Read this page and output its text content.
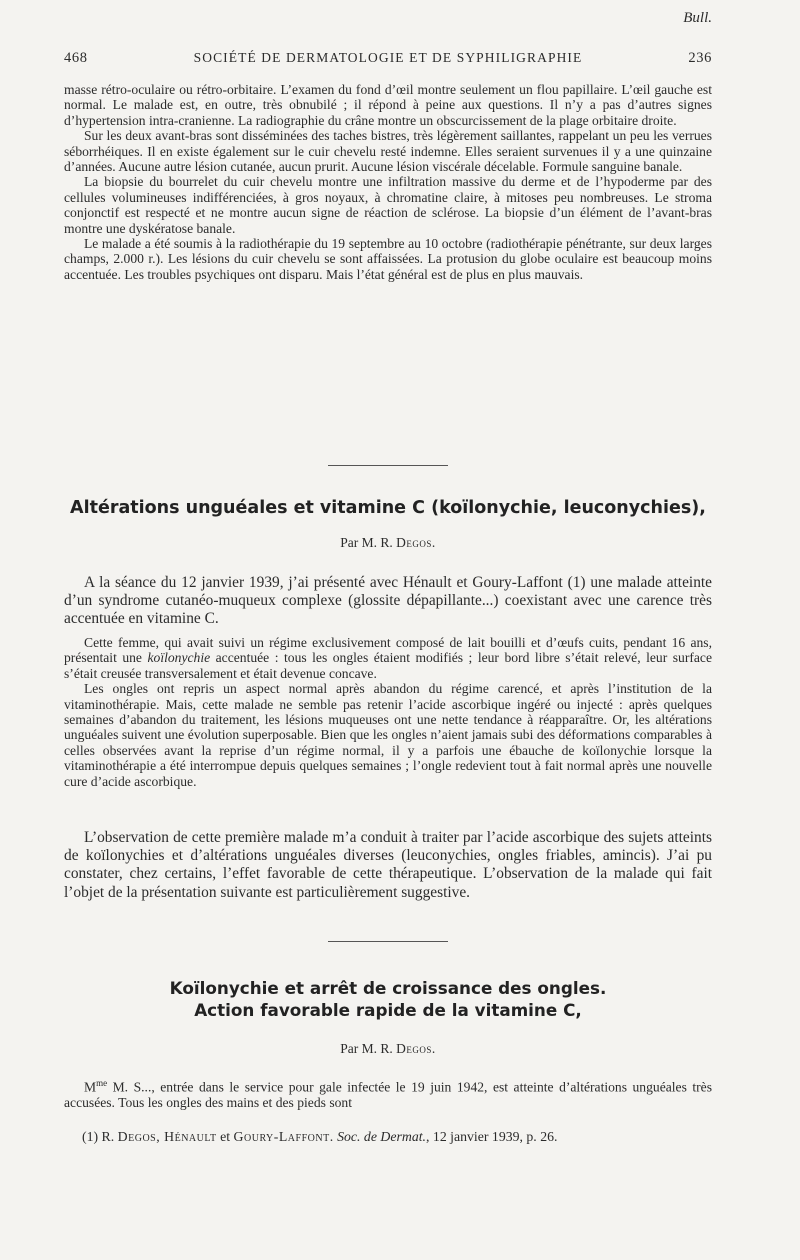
Bull.
468	SOCIÉTÉ DE DERMATOLOGIE ET DE SYPHILIGRAPHIE	236

masse rétro-oculaire ou rétro-orbitaire. L’examen du fond d’œil montre seulement un flou papillaire. L’œil gauche est normal. Le malade est, en outre, très obnubilé ; il répond à peine aux questions. Il n’y a pas d’autres signes d’hypertension intra-cranienne. La radiographie du crâne montre un obscurcissement de la plage orbitaire droite.

Sur les deux avant-bras sont disséminées des taches bistres, très légèrement saillantes, rappelant un peu les verrues séborrhéiques. Il en existe également sur le cuir chevelu resté indemne. Elles seraient survenues il y a une quinzaine d’années. Aucune autre lésion cutanée, aucun prurit. Aucune lésion viscérale décelable. Formule sanguine banale.

La biopsie du bourrelet du cuir chevelu montre une infiltration massive du derme et de l’hypoderme par des cellules volumineuses indifférenciées, à gros noyaux, à chromatine claire, à mitoses peu nombreuses. Le stroma conjonctif est respecté et ne montre aucun signe de réaction de sclérose. La biopsie d’un élément de l’avant-bras montre une dyskératose banale.

Le malade a été soumis à la radiothérapie du 19 septembre au 10 octobre (radiothérapie pénétrante, sur deux larges champs, 2.000 r.). Les lésions du cuir chevelu se sont affaissées. La protusion du globe oculaire est beaucoup moins accentuée. Les troubles psychiques ont disparu. Mais l’état général est de plus en plus mauvais.

Altérations unguéales et vitamine C (koïlonychie, leuconychies),
Par M. R. Degos.

A la séance du 12 janvier 1939, j’ai présenté avec Hénault et Goury-Laffont (1) une malade atteinte d’un syndrome cutanéo-muqueux complexe (glossite dépapillante...) coexistant avec une carence très accentuée en vitamine C.

Cette femme, qui avait suivi un régime exclusivement composé de lait bouilli et d’œufs cuits, pendant 16 ans, présentait une koïlonychie accentuée : tous les ongles étaient modifiés ; leur bord libre s’était relevé, leur surface s’était creusée transversalement et était devenue concave.

Les ongles ont repris un aspect normal après abandon du régime carencé, et après l’institution de la vitaminothérapie. Mais, cette malade ne semble pas retenir l’acide ascorbique ingéré ou injecté : après quelques semaines d’abandon du traitement, les lésions muqueuses ont une nette tendance à réapparaître. Or, les altérations unguéales suivent une évolution superposable. Bien que les ongles n’aient jamais subi des déformations comparables à celles observées avant la reprise d’un régime normal, il y a parfois une ébauche de koïlonychie lorsque la vitaminothérapie a été interrompue depuis quelques semaines ; l’ongle redevient tout à fait normal après une nouvelle cure d’acide ascorbique.

L’observation de cette première malade m’a conduit à traiter par l’acide ascorbique des sujets atteints de koïlonychies et d’altérations unguéales diverses (leuconychies, ongles friables, amincis). J’ai pu constater, chez certains, l’effet favorable de cette thérapeutique. L’observation de la malade qui fait l’objet de la présentation suivante est particulièrement suggestive.

Koïlonychie et arrêt de croissance des ongles.
Action favorable rapide de la vitamine C,
Par M. R. Degos.

$M^{me}$ M. S..., entrée dans le service pour gale infectée le 19 juin 1942, est atteinte d’altérations unguéales très accusées. Tous les ongles des mains et des pieds sont

(1) R. Degos, Hénault et Goury-Laffont. Soc. de Dermat., 12 janvier 1939, p. 26.
